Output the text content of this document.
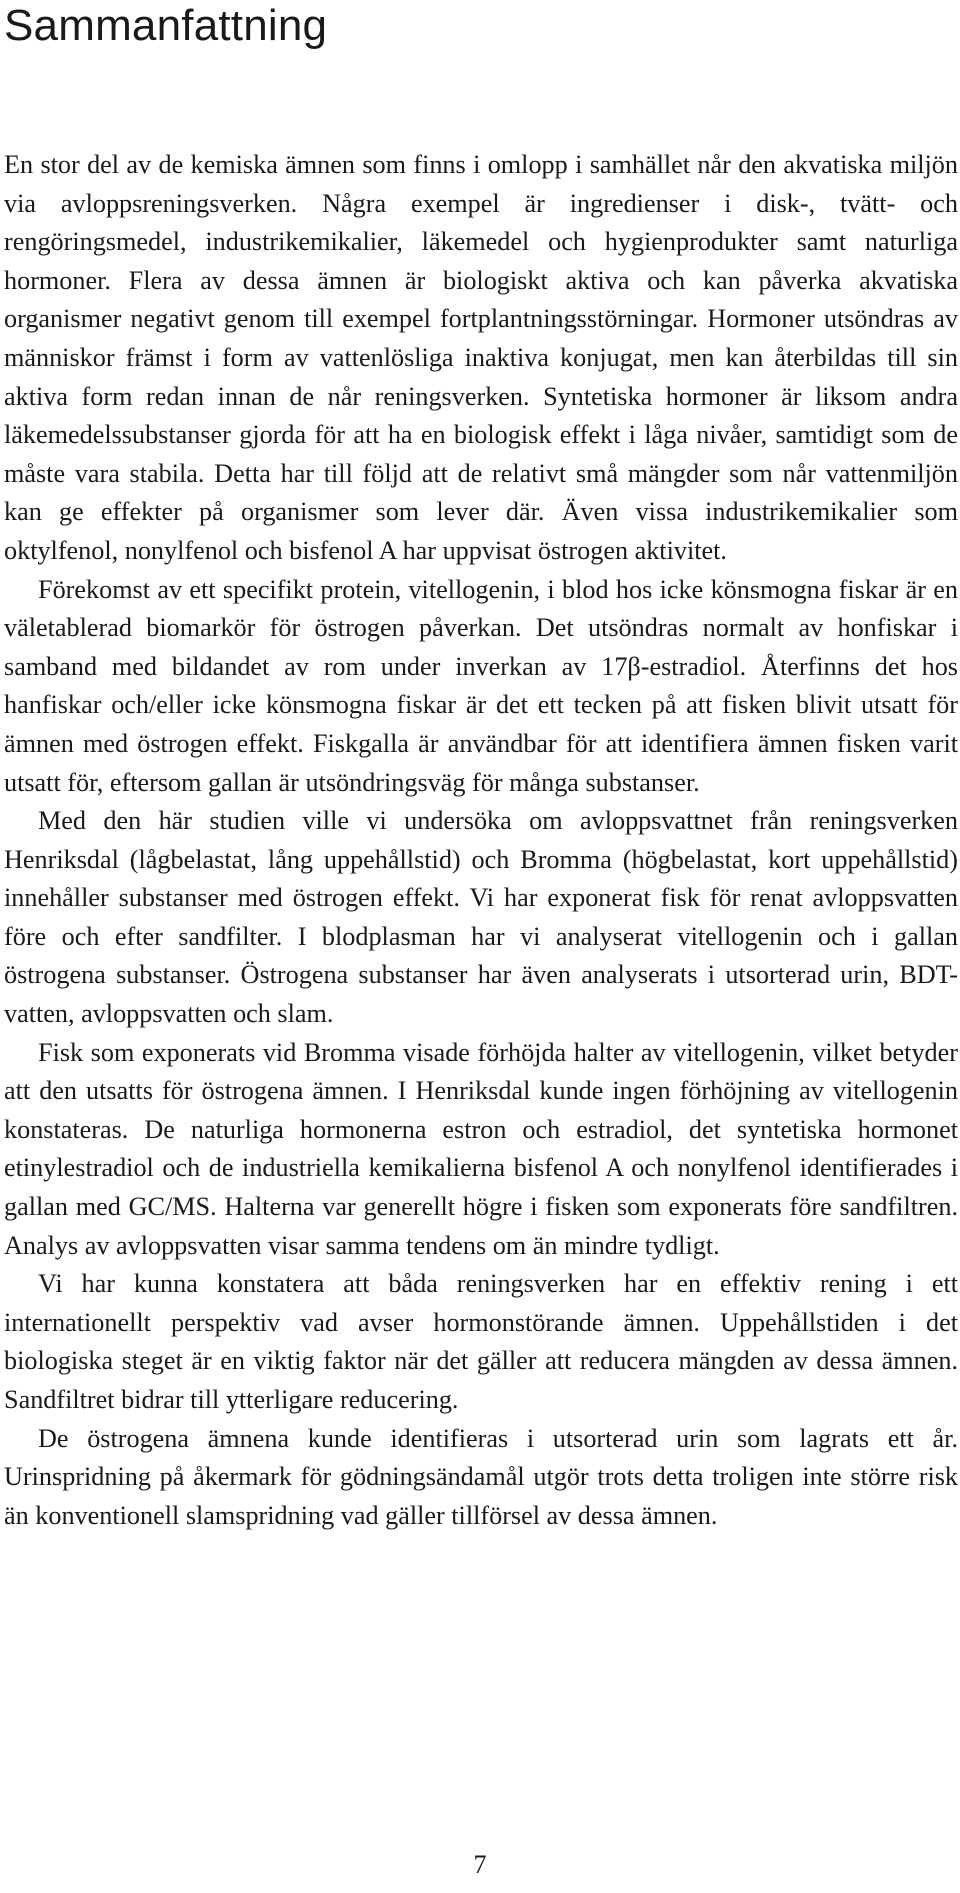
Sammanfattning

En stor del av de kemiska ämnen som finns i omlopp i samhället når den akvatiska miljön via avloppsreningsverken. Några exempel är ingredienser i disk-, tvätt- och rengöringsmedel, industrikemikalier, läkemedel och hygienprodukter samt naturliga hormoner. Flera av dessa ämnen är biologiskt aktiva och kan påverka akvatiska organismer negativt genom till exempel fortplantningsstörningar. Hormoner utsöndras av människor främst i form av vattenlösliga inaktiva konjugat, men kan återbildas till sin aktiva form redan innan de når reningsverken. Syntetiska hormoner är liksom andra läkemedelssubstanser gjorda för att ha en biologisk effekt i låga nivåer, samtidigt som de måste vara stabila. Detta har till följd att de relativt små mängder som når vattenmiljön kan ge effekter på organismer som lever där. Även vissa industrikemikalier som oktylfenol, nonylfenol och bisfenol A har uppvisat östrogen aktivitet.

Förekomst av ett specifikt protein, vitellogenin, i blod hos icke könsmogna fiskar är en väletablerad biomarkör för östrogen påverkan. Det utsöndras normalt av honfiskar i samband med bildandet av rom under inverkan av 17β-estradiol. Återfinns det hos hanfiskar och/eller icke könsmogna fiskar är det ett tecken på att fisken blivit utsatt för ämnen med östrogen effekt. Fiskgalla är användbar för att identifiera ämnen fisken varit utsatt för, eftersom gallan är utsöndringsväg för många substanser.

Med den här studien ville vi undersöka om avloppsvattnet från reningsverken Henriksdal (lågbelastat, lång uppehållstid) och Bromma (högbelastat, kort uppehållstid) innehåller substanser med östrogen effekt. Vi har exponerat fisk för renat avloppsvatten före och efter sandfilter. I blodplasman har vi analyserat vitellogenin och i gallan östrogena substanser. Östrogena substanser har även analyserats i utsorterad urin, BDT-vatten, avloppsvatten och slam.

Fisk som exponerats vid Bromma visade förhöjda halter av vitellogenin, vilket betyder att den utsatts för östrogena ämnen. I Henriksdal kunde ingen förhöjning av vitellogenin konstateras. De naturliga hormonerna estron och estradiol, det syntetiska hormonet etinylestradiol och de industriella kemikalierna bisfenol A och nonylfenol identifierades i gallan med GC/MS. Halterna var generellt högre i fisken som exponerats före sandfiltren. Analys av avloppsvatten visar samma tendens om än mindre tydligt.

Vi har kunna konstatera att båda reningsverken har en effektiv rening i ett internationellt perspektiv vad avser hormonstörande ämnen. Uppehållstiden i det biologiska steget är en viktig faktor när det gäller att reducera mängden av dessa ämnen. Sandfiltret bidrar till ytterligare reducering.

De östrogena ämnena kunde identifieras i utsorterad urin som lagrats ett år. Urinspridning på åkermark för gödningsändamål utgör trots detta troligen inte större risk än konventionell slamspridning vad gäller tillförsel av dessa ämnen.

7
